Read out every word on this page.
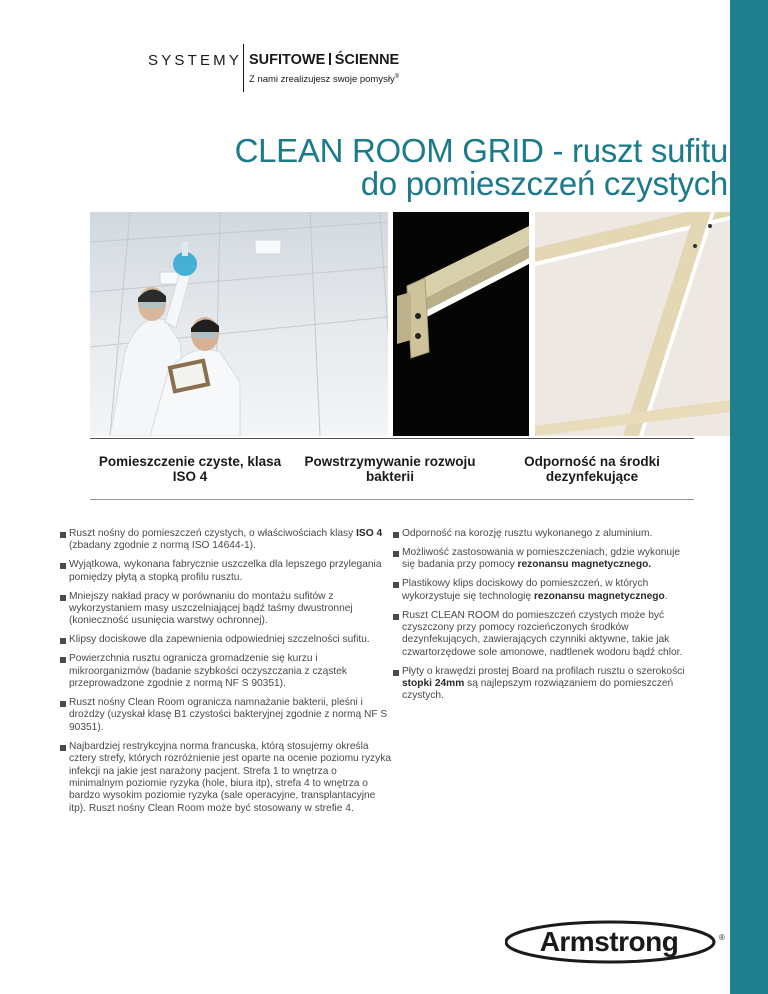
SYSTEMY SUFITOWE ŚCIENNE
Z nami zrealizujesz swoje pomysły®
CLEAN ROOM GRID - ruszt sufitu
do pomieszczeń czystych
Pomieszczenie czyste, klasa ISO 4
Powstrzymywanie rozwoju bakterii
Odporność na środki dezynfekujące
Ruszt nośny do pomieszczeń czystych, o właściwościach klasy ISO 4 (zbadany zgodnie z normą ISO 14644-1).
Wyjątkowa, wykonana fabrycznie uszczelka dla lepszego przylegania pomiędzy płytą a stopką profilu rusztu.
Mniejszy nakład pracy w porównaniu do montażu sufitów z wykorzystaniem masy uszczelniającej bądź taśmy dwustronnej (konieczność usunięcia warstwy ochronnej).
Klipsy dociskowe dla zapewnienia odpowiedniej szczelności sufitu.
Powierzchnia rusztu ogranicza gromadzenie się kurzu i mikroorganizmów (badanie szybkości oczyszczania z cząstek przeprowadzone zgodnie z normą NF S 90351).
Ruszt nośny Clean Room ogranicza namnażanie bakterii, pleśni i drożdży (uzyskał klasę B1 czystości bakteryjnej zgodnie z normą NF S 90351).
Najbardziej restrykcyjna norma francuska, którą stosujemy określa cztery strefy, których rozróżnienie jest oparte na ocenie poziomu ryzyka infekcji na jakie jest narażony pacjent. Strefa 1 to wnętrza o minimalnym poziomie ryzyka (hole, biura itp), strefa 4 to wnętrza o bardzo wysokim poziomie ryzyka (sale operacyjne, transplantacyjne itp). Ruszt nośny Clean Room może być stosowany w strefie 4.
Odporność na korozję rusztu wykonanego z aluminium.
Możliwość zastosowania w pomieszczeniach, gdzie wykonuje się badania przy pomocy rezonansu magnetycznego.
Plastikowy klips dociskowy do pomieszczeń, w których wykorzystuje się technologię rezonansu magnetycznego.
Ruszt CLEAN ROOM do pomieszczeń czystych może być czyszczony przy pomocy rozcieńczonych środków dezynfekujących, zawierających czynniki aktywne, takie jak czwartorzędowe sole amonowe, nadtlenek wodoru bądź chlor.
Płyty o krawędzi prostej Board na profilach rusztu o szerokości stopki 24mm są najlepszym rozwiązaniem do pomieszczeń czystych.
Armstrong	®
